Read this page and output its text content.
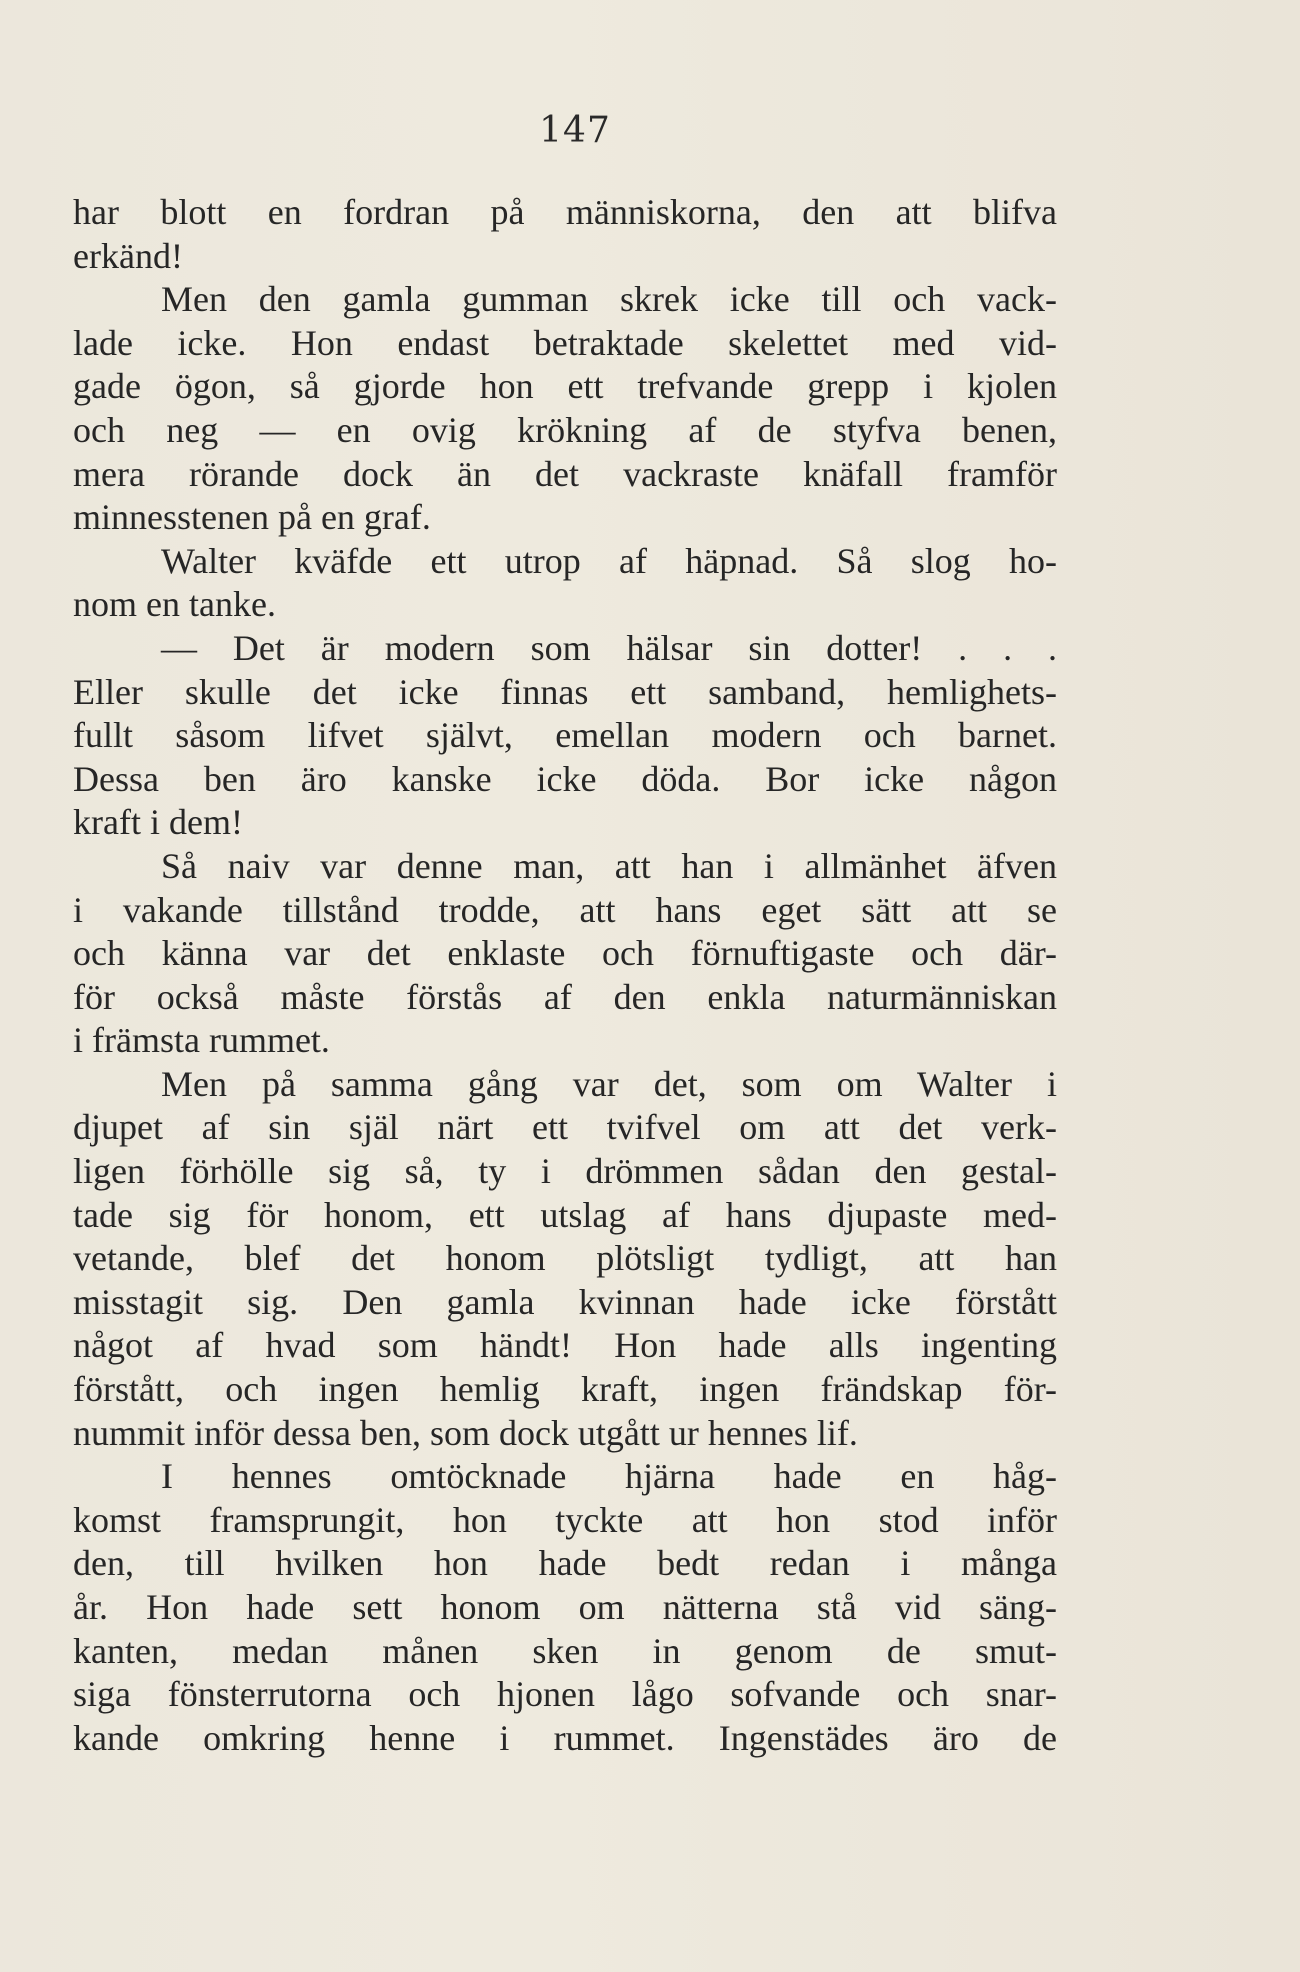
147
har blott en fordran på människorna, den att blifva
erkänd!
Men den gamla gumman skrek icke till och vack-
lade icke. Hon endast betraktade skelettet med vid-
gade ögon, så gjorde hon ett trefvande grepp i kjolen
och neg — en ovig krökning af de styfva benen,
mera rörande dock än det vackraste knäfall framför
minnesstenen på en graf.
Walter kväfde ett utrop af häpnad. Så slog ho-
nom en tanke.
— Det är modern som hälsar sin dotter! . . .
Eller skulle det icke finnas ett samband, hemlighets-
fullt såsom lifvet självt, emellan modern och barnet.
Dessa ben äro kanske icke döda. Bor icke någon
kraft i dem!
Så naiv var denne man, att han i allmänhet äfven
i vakande tillstånd trodde, att hans eget sätt att se
och känna var det enklaste och förnuftigaste och där-
för också måste förstås af den enkla naturmänniskan
i främsta rummet.
Men på samma gång var det, som om Walter i
djupet af sin själ närt ett tvifvel om att det verk-
ligen förhölle sig så, ty i drömmen sådan den gestal-
tade sig för honom, ett utslag af hans djupaste med-
vetande, blef det honom plötsligt tydligt, att han
misstagit sig. Den gamla kvinnan hade icke förstått
något af hvad som händt! Hon hade alls ingenting
förstått, och ingen hemlig kraft, ingen frändskap för-
nummit inför dessa ben, som dock utgått ur hennes lif.
I hennes omtöcknade hjärna hade en håg-
komst framsprungit, hon tyckte att hon stod inför
den, till hvilken hon hade bedt redan i många
år. Hon hade sett honom om nätterna stå vid säng-
kanten, medan månen sken in genom de smut-
siga fönsterrutorna och hjonen lågo sofvande och snar-
kande omkring henne i rummet. Ingenstädes äro de
